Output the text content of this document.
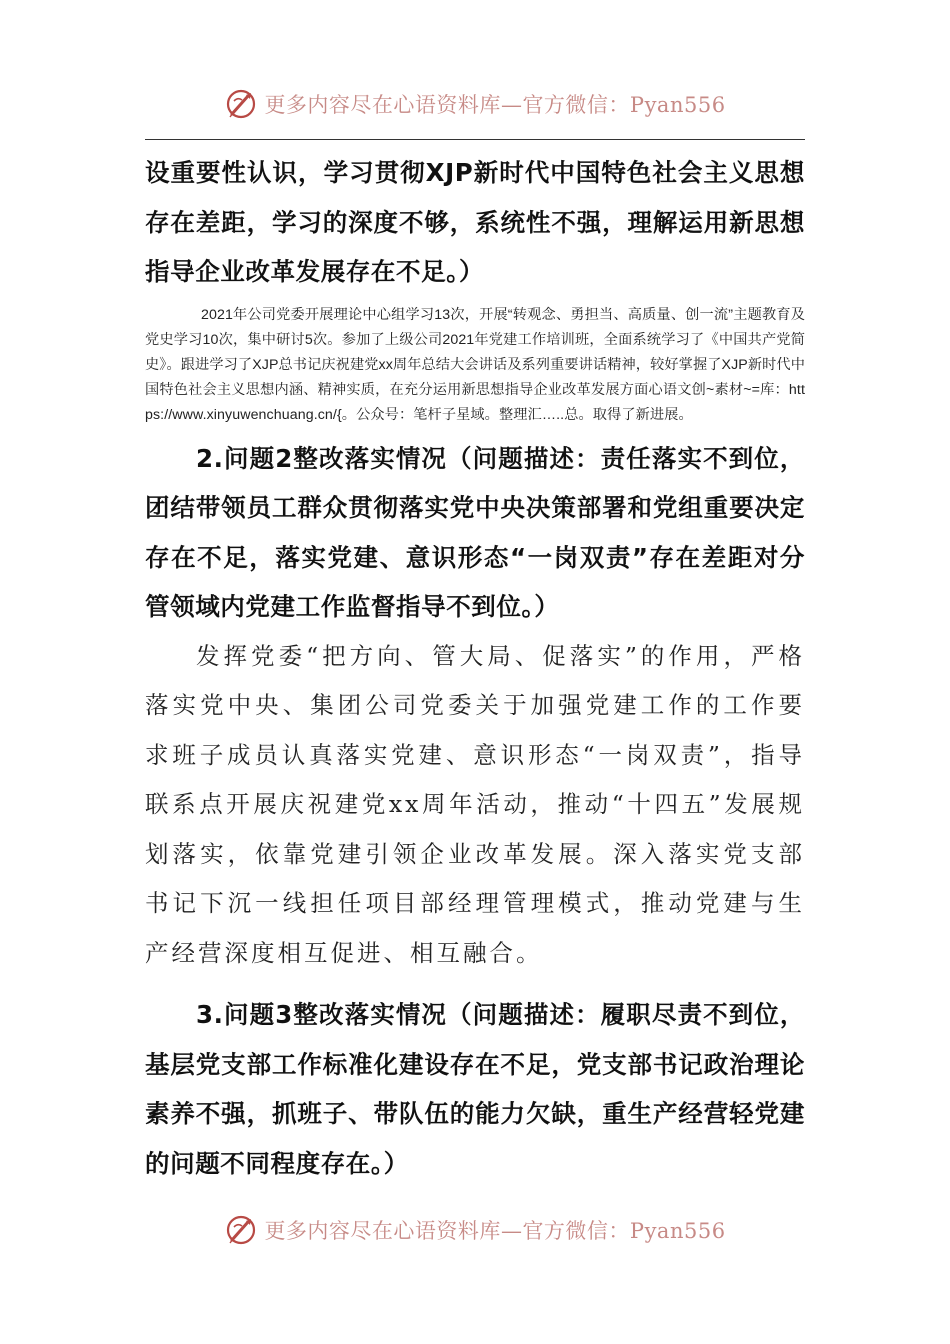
更多内容尽在心语资料库—官方微信：Pyan556

设重要性认识，学习贯彻XJP新时代中国特色社会主义思想存在差距，学习的深度不够，系统性不强，理解运用新思想指导企业改革发展存在不足。）

2021年公司党委开展理论中心组学习13次，开展“转观念、勇担当、高质量、创一流”主题教育及党史学习10次，集中研讨5次。参加了上级公司2021年党建工作培训班，全面系统学习了《中国共产党简史》。跟进学习了XJP总书记庆祝建党xx周年总结大会讲话及系列重要讲话精神，较好掌握了XJP新时代中国特色社会主义思想内涵、精神实质，在充分运用新思想指导企业改革发展方面心语文创~素材~=库：https://www.xinyuwenchuang.cn/{。公众号：笔杆子星域。整理汇…..总。取得了新进展。

2.问题2整改落实情况（问题描述：责任落实不到位，团结带领员工群众贯彻落实党中央决策部署和党组重要决定存在不足，落实党建、意识形态“一岗双责”存在差距对分管领域内党建工作监督指导不到位。）

发挥党委“把方向、管大局、促落实”的作用，严格落实党中央、集团公司党委关于加强党建工作的工作要求班子成员认真落实党建、意识形态“一岗双责”，指导联系点开展庆祝建党xx周年活动，推动“十四五”发展规划落实，依靠党建引领企业改革发展。深入落实党支部书记下沉一线担任项目部经理管理模式，推动党建与生产经营深度相互促进、相互融合。

3.问题3整改落实情况（问题描述：履职尽责不到位，基层党支部工作标准化建设存在不足，党支部书记政治理论素养不强，抓班子、带队伍的能力欠缺，重生产经营轻党建的问题不同程度存在。）

更多内容尽在心语资料库—官方微信：Pyan556
